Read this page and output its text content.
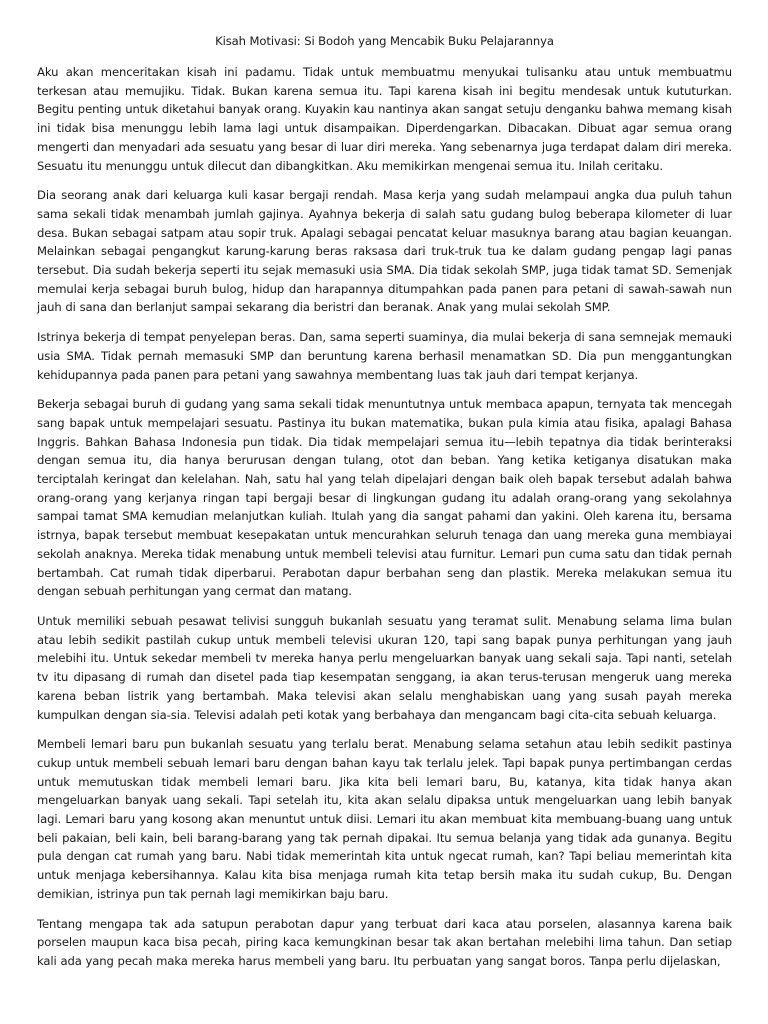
Kisah Motivasi: Si Bodoh yang Mencabik Buku Pelajarannya

Aku akan menceritakan kisah ini padamu. Tidak untuk membuatmu menyukai tulisanku atau untuk membuatmu terkesan atau memujiku. Tidak. Bukan karena semua itu. Tapi karena kisah ini begitu mendesak untuk kututurkan. Begitu penting untuk diketahui banyak orang. Kuyakin kau nantinya akan sangat setuju denganku bahwa memang kisah ini tidak bisa menunggu lebih lama lagi untuk disampaikan. Diperdengarkan. Dibacakan. Dibuat agar semua orang mengerti dan menyadari ada sesuatu yang besar di luar diri mereka. Yang sebenarnya juga terdapat dalam diri mereka. Sesuatu itu menunggu untuk dilecut dan dibangkitkan. Aku memikirkan mengenai semua itu. Inilah ceritaku.

Dia seorang anak dari keluarga kuli kasar bergaji rendah. Masa kerja yang sudah melampaui angka dua puluh tahun sama sekali tidak menambah jumlah gajinya. Ayahnya bekerja di salah satu gudang bulog beberapa kilometer di luar desa. Bukan sebagai satpam atau sopir truk. Apalagi sebagai pencatat keluar masuknya barang atau bagian keuangan. Melainkan sebagai pengangkut karung-karung beras raksasa dari truk-truk tua ke dalam gudang pengap lagi panas tersebut. Dia sudah bekerja seperti itu sejak memasuki usia SMA. Dia tidak sekolah SMP, juga tidak tamat SD. Semenjak memulai kerja sebagai buruh bulog, hidup dan harapannya ditumpahkan pada panen para petani di sawah-sawah nun jauh di sana dan berlanjut sampai sekarang dia beristri dan beranak. Anak yang mulai sekolah SMP.

Istrinya bekerja di tempat penyelepan beras. Dan, sama seperti suaminya, dia mulai bekerja di sana semnejak memauki usia SMA. Tidak pernah memasuki SMP dan beruntung karena berhasil menamatkan SD. Dia pun menggantungkan kehidupannya pada panen para petani yang sawahnya membentang luas tak jauh dari tempat kerjanya.

Bekerja sebagai buruh di gudang yang sama sekali tidak menuntutnya untuk membaca apapun, ternyata tak mencegah sang bapak untuk mempelajari sesuatu. Pastinya itu bukan matematika, bukan pula kimia atau fisika, apalagi Bahasa Inggris. Bahkan Bahasa Indonesia pun tidak. Dia tidak mempelajari semua itu—lebih tepatnya dia tidak berinteraksi dengan semua itu, dia hanya berurusan dengan tulang, otot dan beban. Yang ketika ketiganya disatukan maka terciptalah keringat dan kelelahan. Nah, satu hal yang telah dipelajari dengan baik oleh bapak tersebut adalah bahwa orang-orang yang kerjanya ringan tapi bergaji besar di lingkungan gudang itu adalah orang-orang yang sekolahnya sampai tamat SMA kemudian melanjutkan kuliah. Itulah yang dia sangat pahami dan yakini. Oleh karena itu, bersama istrnya, bapak tersebut membuat kesepakatan untuk mencurahkan seluruh tenaga dan uang mereka guna membiayai sekolah anaknya. Mereka tidak menabung untuk membeli televisi atau furnitur. Lemari pun cuma satu dan tidak pernah bertambah. Cat rumah tidak diperbarui. Perabotan dapur berbahan seng dan plastik. Mereka melakukan semua itu dengan sebuah perhitungan yang cermat dan matang.

Untuk memiliki sebuah pesawat telivisi sungguh bukanlah sesuatu yang teramat sulit. Menabung selama lima bulan atau lebih sedikit pastilah cukup untuk membeli televisi ukuran 120, tapi sang bapak punya perhitungan yang jauh melebihi itu. Untuk sekedar membeli tv mereka hanya perlu mengeluarkan banyak uang sekali saja. Tapi nanti, setelah tv itu dipasang di rumah dan disetel pada tiap kesempatan senggang, ia akan terus-terusan mengeruk uang mereka karena beban listrik yang bertambah. Maka televisi akan selalu menghabiskan uang yang susah payah mereka kumpulkan dengan sia-sia. Televisi adalah peti kotak yang berbahaya dan mengancam bagi cita-cita sebuah keluarga.

Membeli lemari baru pun bukanlah sesuatu yang terlalu berat. Menabung selama setahun atau lebih sedikit pastinya cukup untuk membeli sebuah lemari baru dengan bahan kayu tak terlalu jelek. Tapi bapak punya pertimbangan cerdas untuk memutuskan tidak membeli lemari baru. Jika kita beli lemari baru, Bu, katanya, kita tidak hanya akan mengeluarkan banyak uang sekali. Tapi setelah itu, kita akan selalu dipaksa untuk mengeluarkan uang lebih banyak lagi. Lemari baru yang kosong akan menuntut untuk diisi. Lemari itu akan membuat kita membuang-buang uang untuk beli pakaian, beli kain, beli barang-barang yang tak pernah dipakai. Itu semua belanja yang tidak ada gunanya. Begitu pula dengan cat rumah yang baru. Nabi tidak memerintah kita untuk ngecat rumah, kan? Tapi beliau memerintah kita untuk menjaga kebersihannya. Kalau kita bisa menjaga rumah kita tetap bersih maka itu sudah cukup, Bu. Dengan demikian, istrinya pun tak pernah lagi memikirkan baju baru.

Tentang mengapa tak ada satupun perabotan dapur yang terbuat dari kaca atau porselen, alasannya karena baik porselen maupun kaca bisa pecah, piring kaca kemungkinan besar tak akan bertahan melebihi lima tahun. Dan setiap kali ada yang pecah maka mereka harus membeli yang baru. Itu perbuatan yang sangat boros. Tanpa perlu dijelaskan,
